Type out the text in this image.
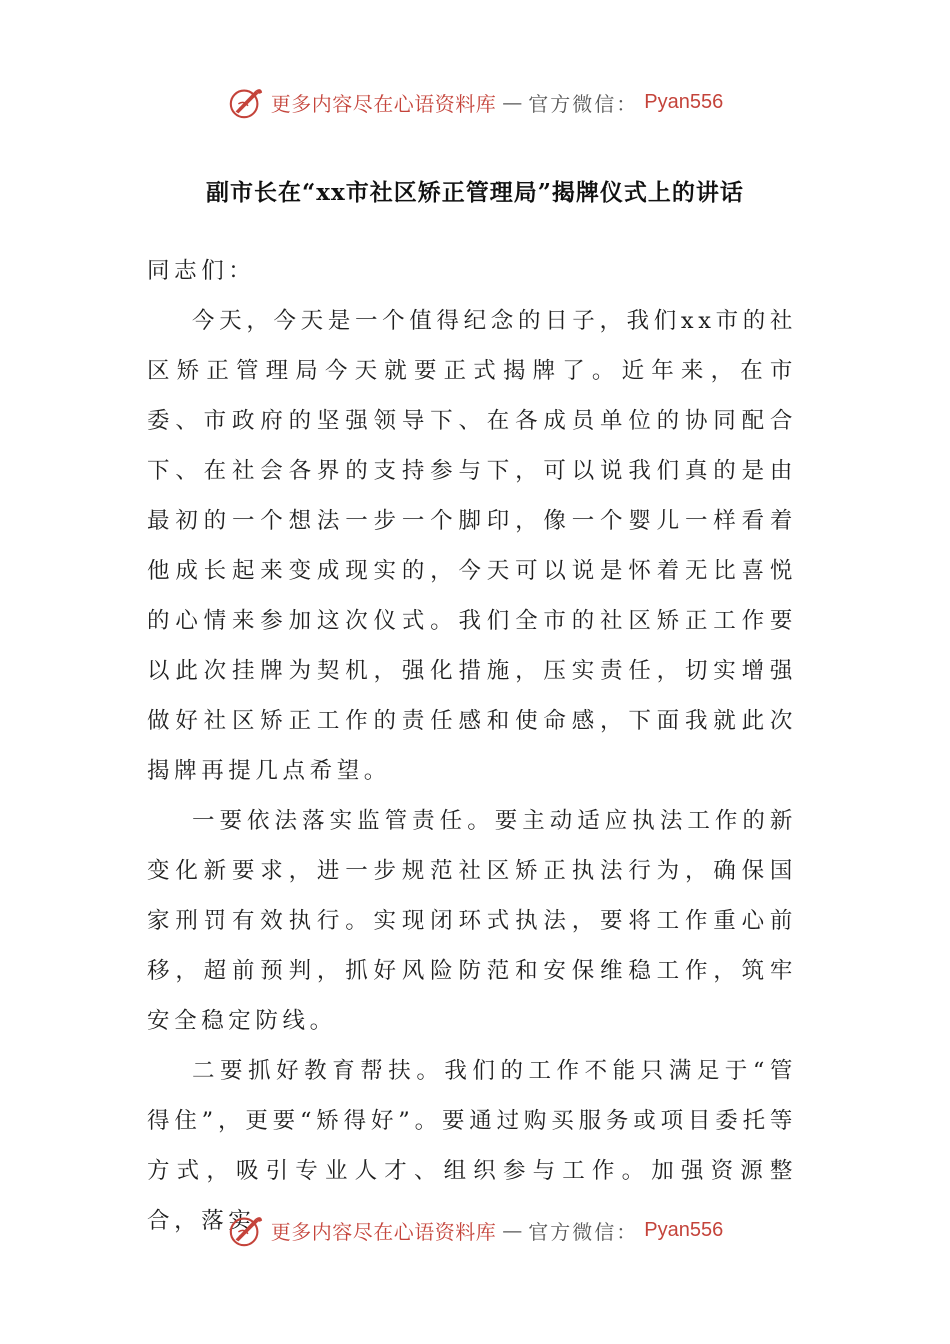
更多内容尽在心语资料库 — 官方微信： Pyan556
副市长在“xx市社区矫正管理局”揭牌仪式上的讲话

同志们：

今天，今天是一个值得纪念的日子，我们xx市的社区矫正管理局今天就要正式揭牌了。近年来，在市委、市政府的坚强领导下、在各成员单位的协同配合下、在社会各界的支持参与下，可以说我们真的是由最初的一个想法一步一个脚印，像一个婴儿一样看着他成长起来变成现实的，今天可以说是怀着无比喜悦的心情来参加这次仪式。我们全市的社区矫正工作要以此次挂牌为契机，强化措施，压实责任，切实增强做好社区矫正工作的责任感和使命感，下面我就此次揭牌再提几点希望。

一要依法落实监管责任。要主动适应执法工作的新变化新要求，进一步规范社区矫正执法行为，确保国家刑罚有效执行。实现闭环式执法，要将工作重心前移，超前预判，抓好风险防范和安保维稳工作，筑牢安全稳定防线。

二要抓好教育帮扶。我们的工作不能只满足于“管得住”，更要“矫得好”。要通过购买服务或项目委托等方式，吸引专业人才、组织参与工作。加强资源整合，落实 更多内容尽在心语资料库 — 官方微信： Pyan556
